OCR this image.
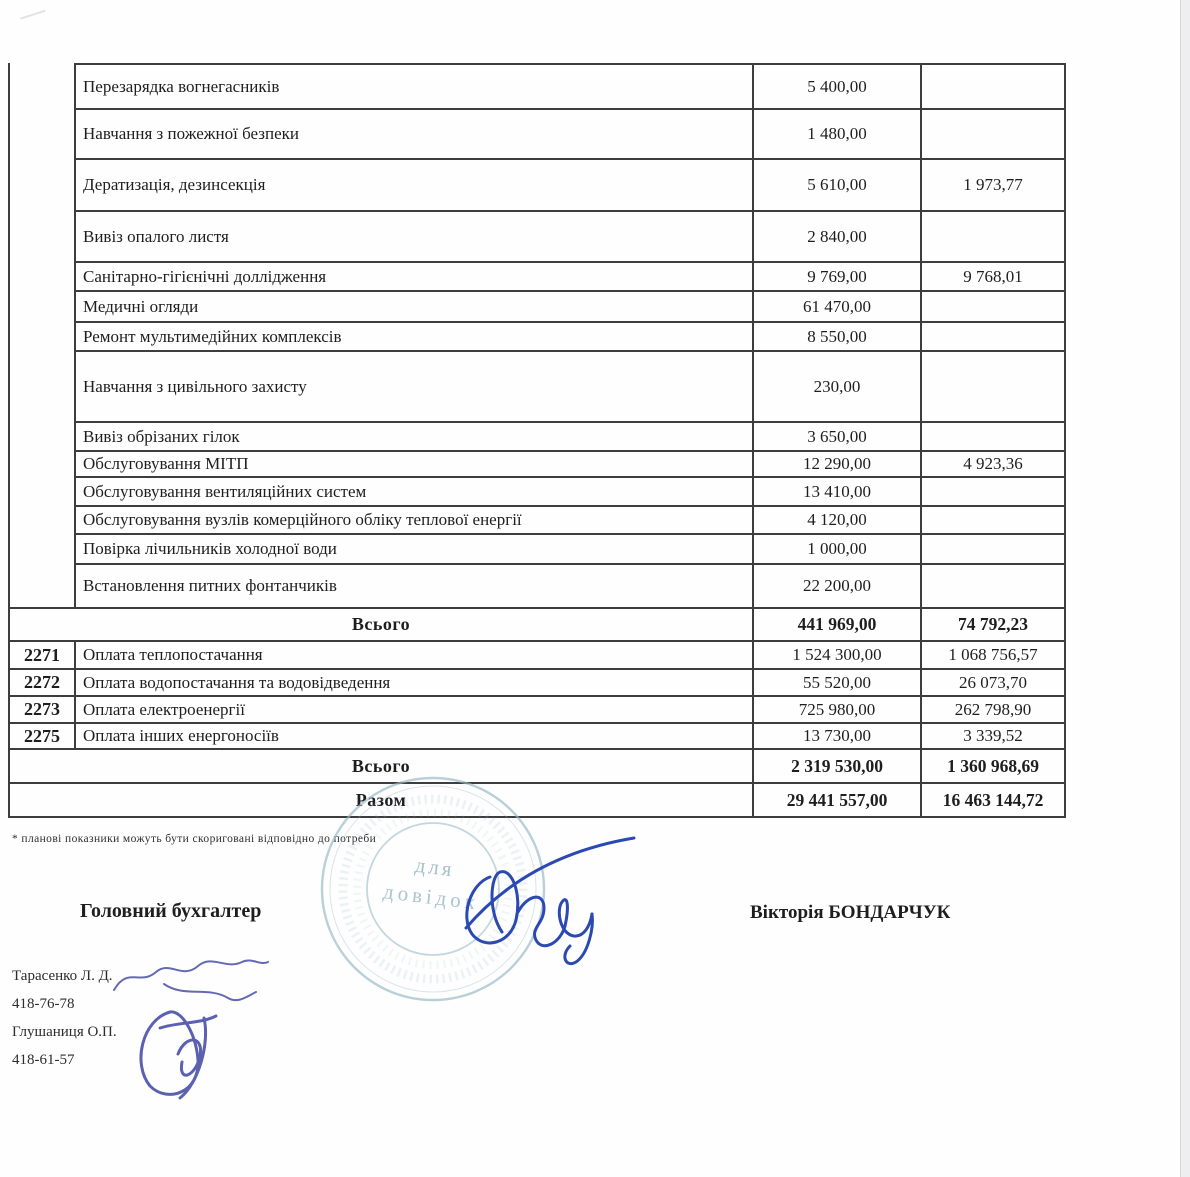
Перезарядка вогнегасників	5 400,00
Навчання з пожежної безпеки	1 480,00
Дератизація, дезинсекція	5 610,00	1 973,77
Вивіз опалого листя	2 840,00
Санітарно-гігієнічні доллідження	9 769,00	9 768,01
Медичні огляди	61 470,00
Ремонт мультимедійних комплексів	8 550,00
Навчання з цивільного захисту	230,00
Вивіз обрізаних гілок	3 650,00
Обслуговування МІТП	12 290,00	4 923,36
Обслуговування вентиляційних систем	13 410,00
Обслуговування вузлів комерційного обліку теплової енергії	4 120,00
Повірка лічильників холодної води	1 000,00
Встановлення питних фонтанчиків	22 200,00
Всього	441 969,00	74 792,23
2271	Оплата теплопостачання	1 524 300,00	1 068 756,57
2272	Оплата водопостачання та водовідведення	55 520,00	26 073,70
2273	Оплата електроенергії	725 980,00	262 798,90
2275	Оплата інших енергоносіїв	13 730,00	3 339,52
Всього	2 319 530,00	1 360 968,69
Разом	29 441 557,00	16 463 144,72
* планові показники можуть бути скориговані відповідно до потреби
Головний бухгалтер	Вікторія БОНДАРЧУК
Тарасенко Л. Д.
418-76-78
Глушаниця О.П.
418-61-57
для
довідок
